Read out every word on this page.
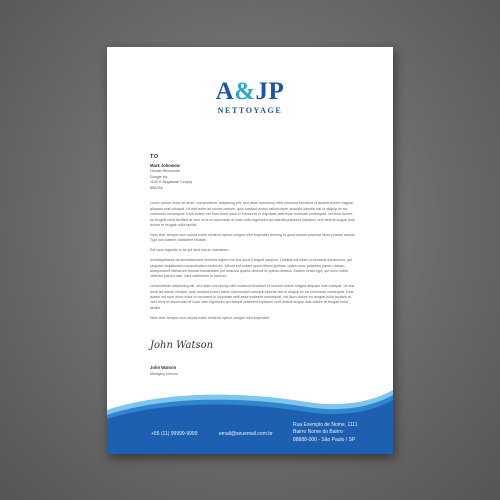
A&JP
NETTOYAGE
TO
Mark Jokowow
Human Resources
Google Inc
1105 G Mugassan Cenpaj
8WUSA

Lorem ipsum dolor sit amet, consectetuer adipiscing elit, sed diam nonummy nibh euismod tincidunt ut laoreet dolore magna aliquam erat volutpat. Ut wisi enim ad minim veniam, quis nostrud exerci tationcorper suscipit lobortis nisl ut aliquip ex ea commodo consequat. Duis autem vel eum iriure dolor in hendrerit in vulputate velit esse molestie consequat, vel illum dolore eu feugiat nulla facilisis at vero eros et accumsan et iusto odio dignissim qui blandit praesent luptatum zzril delenit augue duis dolore te feugait nulla facilisi.

Nam liber tempor cum soluta nobis eleifend option congue nihil imperdiet doming id quod mazim placerat facer possim assum. Typi non habent claritatem insitam.

Est usus legentis in iis qui facit eorum claritatem.

Investigationes demonstraverunt lectores legere me lius quod ii legunt saepius. Claritas est etiam processus dynamicus, qui sequitur mutationem consuetudium lectorum. Mirum est notare quam littera gothica, quam nunc putamus parum claram, anteposuerit litterarum formas humanitatis per seacula quarta decima et quinta decima. Eodem modo typi, qui nunc nobis videntur parum clari, fiant sollemnes in futurum.

consectetuer adipiscing elit, sed diam nonummy nibh euismod tincidunt ut laoreet dolore magna aliquam erat volutpat. Ut wisi enim ad minim veniam, quis nostrud exerci tation ullamcorper suscipit lobortis nisl ut aliquip ex ea commodo consequat. Duis autem vel eum iriure dolor in hendrerit in vulputate velit esse molestie consequat, vel illum dolore eu feugiat nulla facilisis at vero eros et accumsan et iusto odio dignissim qui blandit praesent luptatum zzril delenit augue duis dolore te feugait nulla facilisi.

Nam liber tempor cum soluta nobis eleifend option congue nihil imperdiet.

John Watson
John Watson
Managing Director
+55 (11) 99999-9999	email@seuemail.com.br
Rua Exemplo de Nome, 1111
Bairro Nome do Bairro
88888-000 - São Paulo / SP
